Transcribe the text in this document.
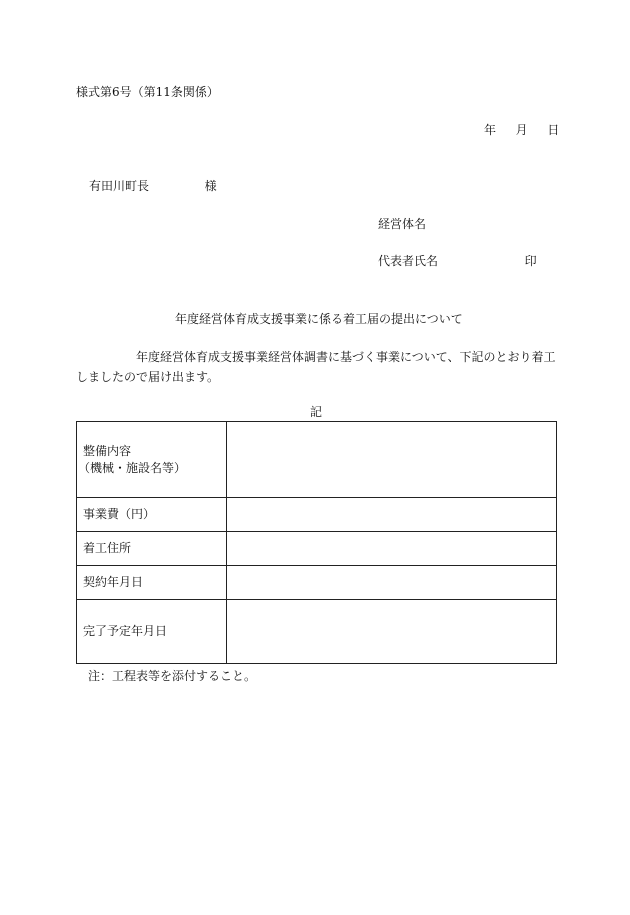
様式第6号（第11条関係）
年 月 日
有田川町長	様
経営体名
代表者氏名	印
年度経営体育成支援事業に係る着工届の提出について
年度経営体育成支援事業経営体調書に基づく事業について、下記のとおり着工
しましたので届け出ます。
記
整備内容
（機械・施設名等）	

事業費（円）	
着工住所	
契約年月日	
完了予定年月日	
注：工程表等を添付すること。
